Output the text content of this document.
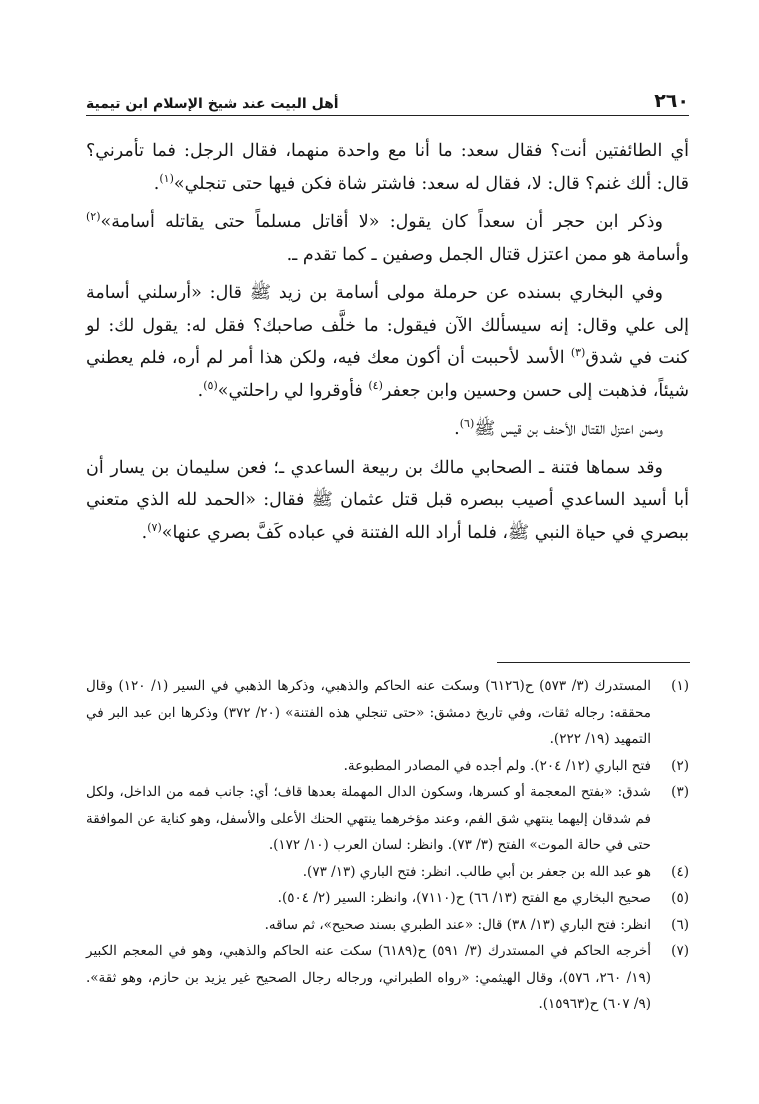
٢٦٠
أهل البيت عند شيخ الإسلام ابن تيمية

أي الطائفتين أنت؟ فقال سعد: ما أنا مع واحدة منهما، فقال الرجل: فما تأمرني؟ قال: ألك غنم؟ قال: لا، فقال له سعد: فاشتر شاة فكن فيها حتى تنجلي»$^{(١)}$.

وذكر ابن حجر أن سعداً كان يقول: «لا أقاتل مسلماً حتى يقاتله أسامة»$^{(٢)}$ وأسامة هو ممن اعتزل قتال الجمل وصفين ـ كما تقدم ـ.

وفي البخاري بسنده عن حرملة مولى أسامة بن زيد ﷺ قال: «أرسلني أسامة إلى علي وقال: إنه سيسألك الآن فيقول: ما خلَّف صاحبك؟ فقل له: يقول لك: لو كنت في شدق$^{(٣)}$ الأسد لأحببت أن أكون معك فيه، ولكن هذا أمر لم أره، فلم يعطني شيئاً، فذهبت إلى حسن وحسين وابن جعفر$^{(٤)}$ فأوقروا لي راحلتي»$^{(٥)}$.

وممن اعتزل القتال الأحنف بن قيس ﷺ$^{(٦)}$.

وقد سماها فتنة ـ الصحابي مالك بن ربيعة الساعدي ـ؛ فعن سليمان بن يسار أن أبا أسيد الساعدي أصيب ببصره قبل قتل عثمان ﷺ فقال: «الحمد لله الذي متعني ببصري في حياة النبي ﷺ، فلما أراد الله الفتنة في عباده كَفَّ بصري عنها»$^{(٧)}$.

(١)
المستدرك (٣/ ٥٧٣) ح(٦١٢٦) وسكت عنه الحاكم والذهبي، وذكرها الذهبي في السير (١/ ١٢٠) وقال محققه: رجاله ثقات، وفي تاريخ دمشق: «حتى تنجلي هذه الفتنة» (٢٠/ ٣٧٢) وذكرها ابن عبد البر في التمهيد (١٩/ ٢٢٢).
(٢)
فتح الباري (١٢/ ٢٠٤). ولم أجده في المصادر المطبوعة.
(٣)
شدق: «بفتح المعجمة أو كسرها، وسكون الدال المهملة بعدها قاف؛ أي: جانب فمه من الداخل، ولكل فم شدقان إليهما ينتهي شق الفم، وعند مؤخرهما ينتهي الحنك الأعلى والأسفل، وهو كناية عن الموافقة حتى في حالة الموت» الفتح (٣/ ٧٣). وانظر: لسان العرب (١٠/ ١٧٢).
(٤)
هو عبد الله بن جعفر بن أبي طالب. انظر: فتح الباري (١٣/ ٧٣).
(٥)
صحيح البخاري مع الفتح (١٣/ ٦٦) ح(٧١١٠)، وانظر: السير (٢/ ٥٠٤).
(٦)
انظر: فتح الباري (١٣/ ٣٨) قال: «عند الطبري بسند صحيح»، ثم ساقه.
(٧)
أخرجه الحاكم في المستدرك (٣/ ٥٩١) ح(٦١٨٩) سكت عنه الحاكم والذهبي، وهو في المعجم الكبير (١٩/ ٢٦٠، ٥٧٦)، وقال الهيثمي: «رواه الطبراني، ورجاله رجال الصحيح غير يزيد بن حازم، وهو ثقة». (٩/ ٦٠٧) ح(١٥٩٦٣).
